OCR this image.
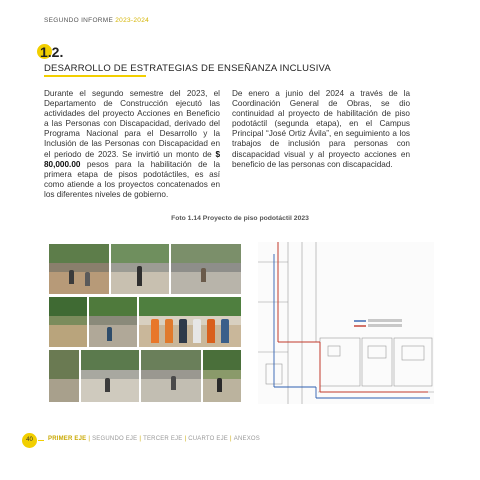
SEGUNDO INFORME 2023-2024
1.2.
DESARROLLO DE ESTRATEGIAS DE ENSEÑANZA INCLUSIVA
Durante el segundo semestre del 2023, el Departamento de Construcción ejecutó las actividades del proyecto Acciones en Beneficio a las Personas con Discapacidad, derivado del Programa Nacional para el Desarrollo y la Inclusión de las Personas con Discapacidad en el periodo de 2023. Se invirtió un monto de $ 80,000.00 pesos para la habilitación de la primera etapa de pisos podotáctiles, es así como atiende a los proyectos concatenados en los diferentes niveles de gobierno.
De enero a junio del 2024 a través de la Coordinación General de Obras, se dio continuidad al proyecto de habilitación de piso podotáctil (segunda etapa), en el Campus Principal “José Ortiz Ávila”, en seguimiento a los trabajos de inclusión para personas con discapacidad visual y al proyecto acciones en beneficio de las personas con discapacidad.
Foto 1.14 Proyecto de piso podotáctil 2023
40	PRIMER EJE | SEGUNDO EJE | TERCER EJE | CUARTO EJE | ANEXOS
